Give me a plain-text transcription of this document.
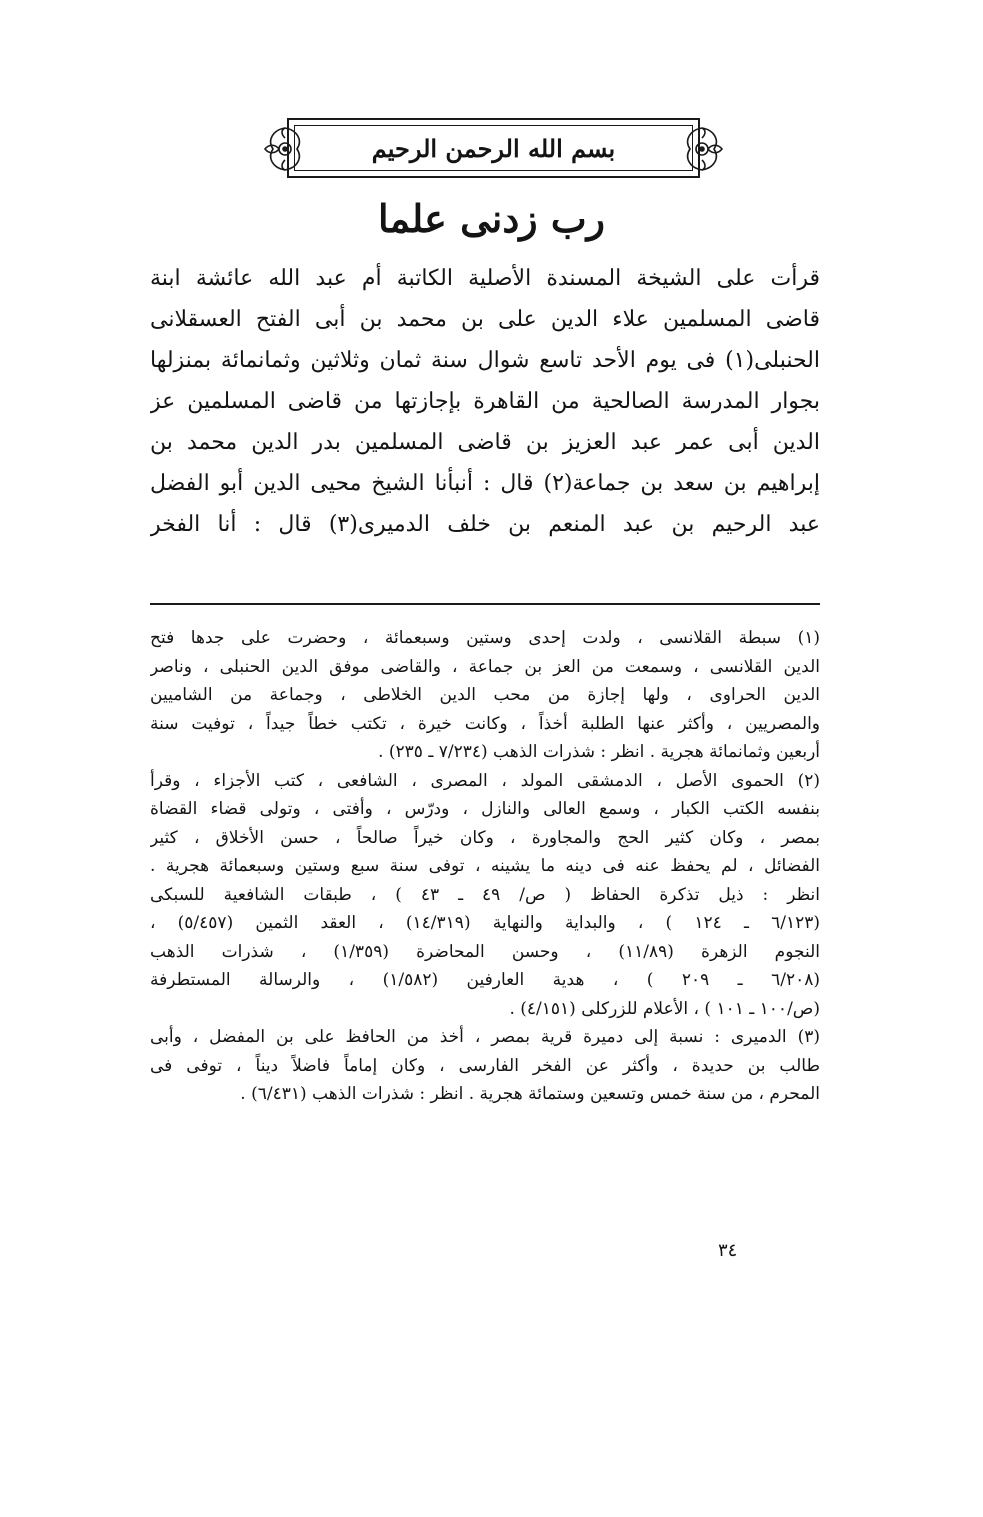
بسم الله الرحمن الرحيم
رب زدنى علما
قرأت على الشيخة المسندة الأصلية الكاتبة أم عبد الله عائشة ابنة
قاضى المسلمين علاء الدين على بن محمد بن أبى الفتح العسقلانى
الحنبلى(١) فى يوم الأحد تاسع شوال سنة ثمان وثلاثين وثمانمائة بمنزلها
بجوار المدرسة الصالحية من القاهرة بإجازتها من قاضى المسلمين عز
الدين أبى عمر عبد العزيز بن قاضى المسلمين بدر الدين محمد بن
إبراهيم بن سعد بن جماعة(٢) قال : أنبأنا الشيخ محيى الدين أبو الفضل
عبد الرحيم بن عبد المنعم بن خلف الدميرى(٣) قال : أنا الفخر
(١) سبطة القلانسى ، ولدت إحدى وستين وسبعمائة ، وحضرت على جدها فتح
الدين القلانسى ، وسمعت من العز بن جماعة ، والقاضى موفق الدين الحنبلى ، وناصر
الدين الحراوى ، ولها إجازة من محب الدين الخلاطى ، وجماعة من الشاميين
والمصريين ، وأكثر عنها الطلبة أخذاً ، وكانت خيرة ، تكتب خطاً جيداً ، توفيت سنة
أربعين وثمانمائة هجرية . انظر : شذرات الذهب (٧/٢٣٤ ـ ٢٣٥) .
(٢) الحموى الأصل ، الدمشقى المولد ، المصرى ، الشافعى ، كتب الأجزاء ، وقرأ
بنفسه الكتب الكبار ، وسمع العالى والنازل ، ودرّس ، وأفتى ، وتولى قضاء القضاة
بمصر ، وكان كثير الحج والمجاورة ، وكان خيراً صالحاً ، حسن الأخلاق ، كثير
الفضائل ، لم يحفظ عنه فى دينه ما يشينه ، توفى سنة سبع وستين وسبعمائة هجرية .
انظر : ذيل تذكرة الحفاظ ( ص/ ٤٩ ـ ٤٣ ) ، طبقات الشافعية للسبكى
(٦/١٢٣ ـ ١٢٤ ) ، والبداية والنهاية (١٤/٣١٩) ، العقد الثمين (٥/٤٥٧) ،
النجوم الزهرة (١١/٨٩) ، وحسن المحاضرة (١/٣٥٩) ، شذرات الذهب
(٦/٢٠٨ ـ ٢٠٩ ) ، هدية العارفين (١/٥٨٢) ، والرسالة المستطرفة
(ص/١٠٠ ـ ١٠١ ) ، الأعلام للزركلى (٤/١٥١) .
(٣) الدميرى : نسبة إلى دميرة قرية بمصر ، أخذ من الحافظ على بن المفضل ، وأبى
طالب بن حديدة ، وأكثر عن الفخر الفارسى ، وكان إماماً فاضلاً ديناً ، توفى فى
المحرم ، من سنة خمس وتسعين وستمائة هجرية . انظر : شذرات الذهب (٦/٤٣١) .
٣٤
